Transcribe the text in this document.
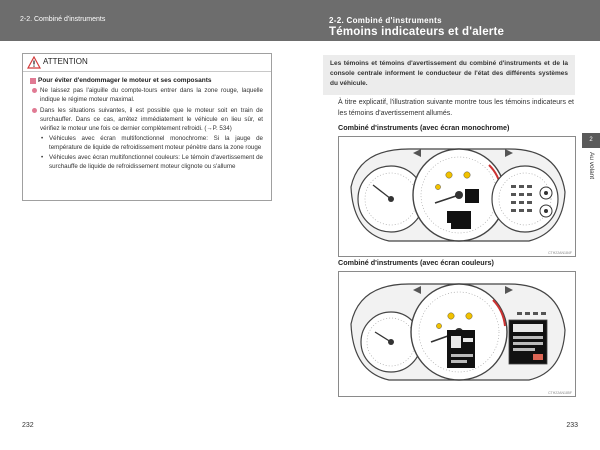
2-2. Combiné d'instruments
ATTENTION
Pour éviter d'endommager le moteur et ses composants
Ne laissez pas l'aiguille du compte-tours entrer dans la zone rouge, laquelle indique le régime moteur maximal.
Dans les situations suivantes, il est possible que le moteur soit en train de surchauffer. Dans ce cas, arrêtez immédiatement le véhicule en lieu sûr, et vérifiez le moteur une fois ce dernier complètement refroidi. (→P. 534)
• Véhicules avec écran multifonctionnel monochrome: Si la jauge de température de liquide de refroidissement moteur pénètre dans la zone rouge
• Véhicules avec écran multifonctionnel couleurs: Le témoin d'avertissement de surchauffe de liquide de refroidissement moteur clignote ou s'allume
232
2-2. Combiné d'instruments
Témoins indicateurs et d'alerte
Les témoins et témoins d'avertissement du combiné d'instruments et de la console centrale informent le conducteur de l'état des différents systèmes du véhicule.
À titre explicatif, l'illustration suivante montre tous les témoins indicateurs et les témoins d'avertissement allumés.
Combiné d'instruments (avec écran monochrome)
CTH22AN184F
Combiné d'instruments (avec écran couleurs)
CTH22AN185F
2
Au volant
233
